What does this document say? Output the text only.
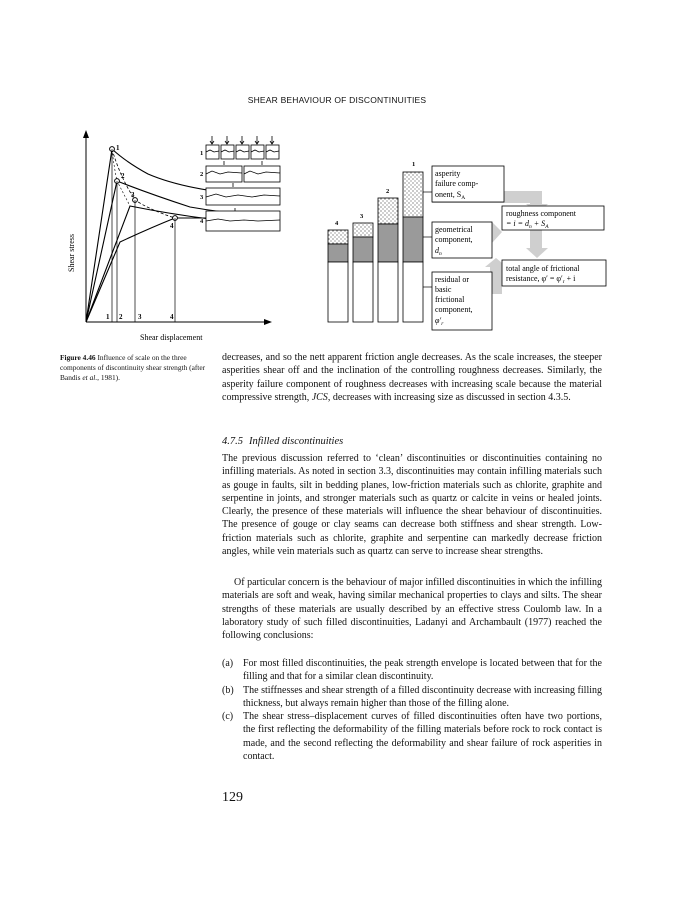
SHEAR BEHAVIOUR OF DISCONTINUITIES
Shear stress
Shear displacement
1
2
3
4
1 2 3	4
1
2
3
4
1
2
3
4
asperity
failure comp-
onent, $S_A$
geometrical
component,
$d_n$
residual or
basic
frictional
component,
$\varphi'_r$
roughness component
= $i = d_n + S_A$
total angle of frictional
resistance, $\varphi' = \varphi'_r + i$
Figure 4.46 Influence of scale on the three components of discontinuity shear strength (after Bandis et al., 1981).
decreases, and so the nett apparent friction angle decreases. As the scale increases, the steeper asperities shear off and the inclination of the controlling roughness decreases. Similarly, the asperity failure component of roughness decreases with increasing scale because the material compressive strength, JCS, decreases with increasing size as discussed in section 4.3.5.
4.7.5 Infilled discontinuities
The previous discussion referred to ‘clean’ discontinuities or discontinuities containing no infilling materials. As noted in section 3.3, discontinuities may contain infilling materials such as gouge in faults, silt in bedding planes, low-friction materials such as chlorite, graphite and serpentine in joints, and stronger materials such as quartz or calcite in veins or healed joints. Clearly, the presence of these materials will influence the shear behaviour of discontinuities. The presence of gouge or clay seams can decrease both stiffness and shear strength. Low-friction materials such as chlorite, graphite and serpentine can markedly decrease friction angles, while vein materials such as quartz can serve to increase shear strengths.
Of particular concern is the behaviour of major infilled discontinuities in which the infilling materials are soft and weak, having similar mechanical properties to clays and silts. The shear strengths of these materials are usually described by an effective stress Coulomb law. In a laboratory study of such filled discontinuities, Ladanyi and Archambault (1977) reached the following conclusions:
(a) For most filled discontinuities, the peak strength envelope is located between that for the filling and that for a similar clean discontinuity.
(b) The stiffnesses and shear strength of a filled discontinuity decrease with increasing filling thickness, but always remain higher than those of the filling alone.
(c) The shear stress–displacement curves of filled discontinuities often have two portions, the first reflecting the deformability of the filling materials before rock to rock contact is made, and the second reflecting the deformability and shear failure of rock asperities in contact.
129
